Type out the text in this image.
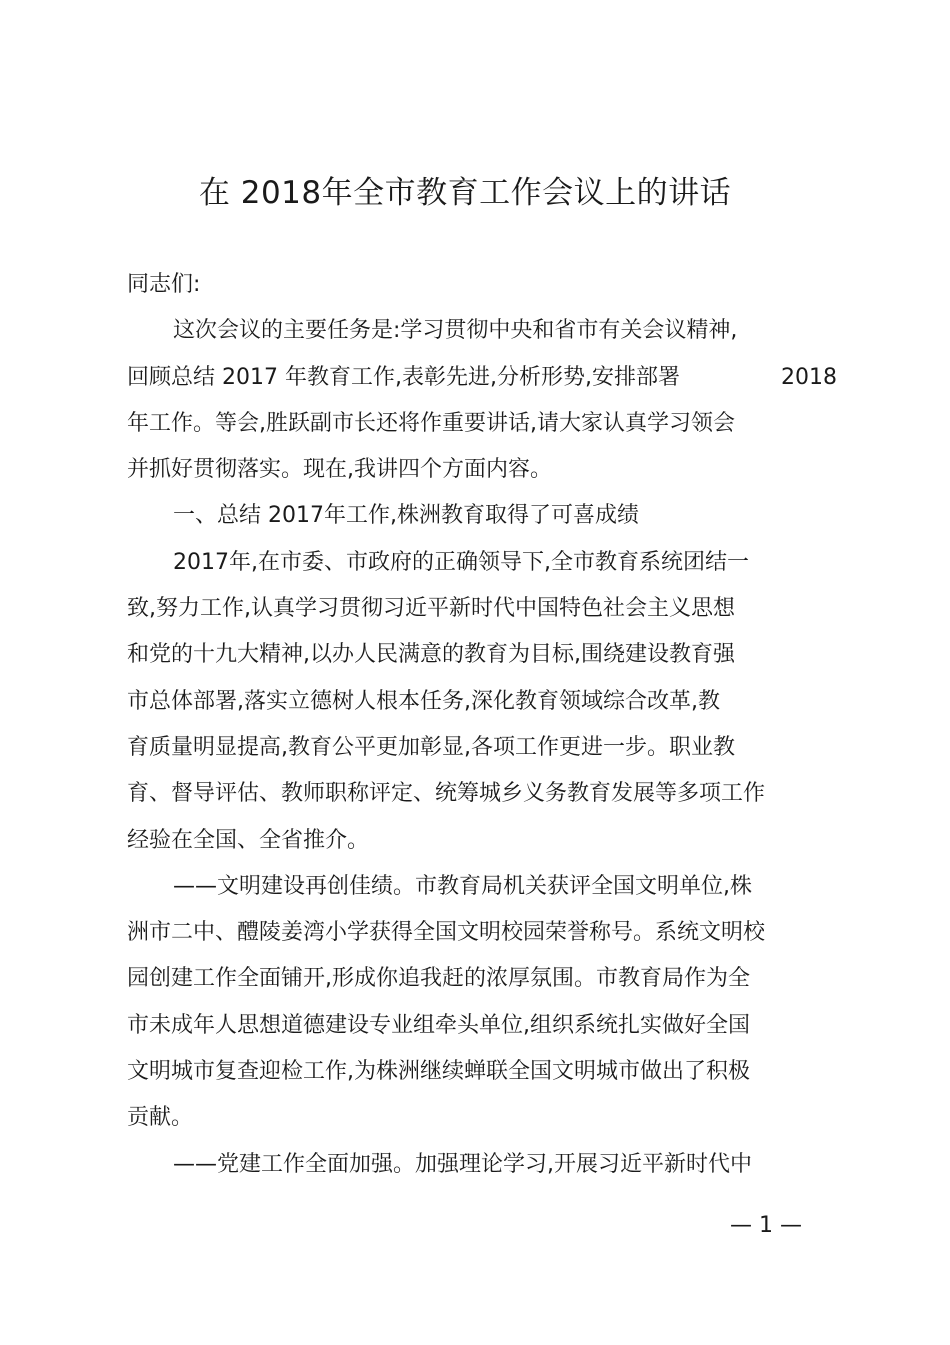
在 2018年全市教育工作会议上的讲话
同志们:
这次会议的主要任务是:学习贯彻中央和省市有关会议精神,
回顾总结 2017 年教育工作,表彰先进,分析形势,安排部署	2018
年工作。等会,胜跃副市长还将作重要讲话,请大家认真学习领会
并抓好贯彻落实。现在,我讲四个方面内容。
一、总结 2017年工作,株洲教育取得了可喜成绩
2017年,在市委、市政府的正确领导下,全市教育系统团结一
致,努力工作,认真学习贯彻习近平新时代中国特色社会主义思想
和党的十九大精神,以办人民满意的教育为目标,围绕建设教育强
市总体部署,落实立德树人根本任务,深化教育领域综合改革,教
育质量明显提高,教育公平更加彰显,各项工作更进一步。职业教
育、督导评估、教师职称评定、统筹城乡义务教育发展等多项工作
经验在全国、全省推介。
——文明建设再创佳绩。市教育局机关获评全国文明单位,株
洲市二中、醴陵姜湾小学获得全国文明校园荣誉称号。系统文明校
园创建工作全面铺开,形成你追我赶的浓厚氛围。市教育局作为全
市未成年人思想道德建设专业组牵头单位,组织系统扎实做好全国
文明城市复查迎检工作,为株洲继续蝉联全国文明城市做出了积极
贡献。
——党建工作全面加强。加强理论学习,开展习近平新时代中
— 1 —
